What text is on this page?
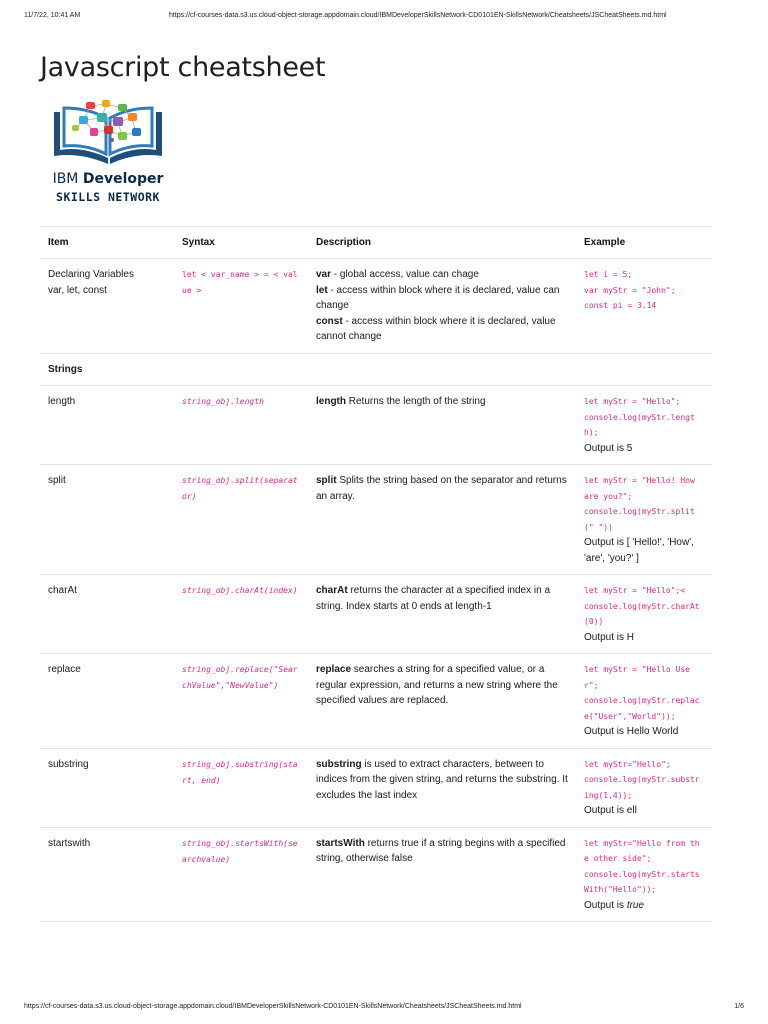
11/7/22, 10:41 AM	https://cf-courses-data.s3.us.cloud-object-storage.appdomain.cloud/IBMDeveloperSkillsNetwork-CD0101EN-SkillsNetwork/Cheatsheets/JSCheatSheets.md.html
Javascript cheatsheet
IBM Developer
SKILLS NETWORK
Item	Syntax	Description	Example

Declaring Variables
var, let, const	let < var_name > = < value >	var - global access, value can chage
let - access within block where it is declared, value can change
const - access within block where it is declared, value cannot change	let i = 5;
var myStr = "John";
const pi = 3.14

Strings			

length	string_obj.length	length Returns the length of the string	let myStr = "Hello";
console.log(myStr.length);
Output is 5

split	string_obj.split(separator)	split Splits the string based on the separator and returns an array.	let myStr = "Hello! How are you?";
console.log(myStr.split(" "))
Output is [ 'Hello!', 'How', 'are', 'you?' ]

charAt	string_obj.charAt(index)	charAt returns the character at a specified index in a string. Index starts at 0 ends at length-1	let myStr = "Hello";<
console.log(myStr.charAt(0))
Output is H

replace	string_obj.replace("SearchValue","NewValue")	replace searches a string for a specified value, or a regular expression, and returns a new string where the specified values are replaced.	let myStr = "Hello User";
console.log(myStr.replace("User","World"));
Output is Hello World

substring	string_obj.substring(start, end)	substring is used to extract characters, between to indices from the given string, and returns the substring. It excludes the last index	let myStr="Hello";
console.log(myStr.substring(1,4));
Output is ell

startswith	string_obj.startsWith(searchvalue)	startsWith returns true if a string begins with a specified string, otherwise false	let myStr="Hello from the other side";
console.log(myStr.startsWith("Hello"));
Output is true
https://cf-courses-data.s3.us.cloud-object-storage.appdomain.cloud/IBMDeveloperSkillsNetwork-CD0101EN-SkillsNetwork/Cheatsheets/JSCheatSheets.md.html	1/6
